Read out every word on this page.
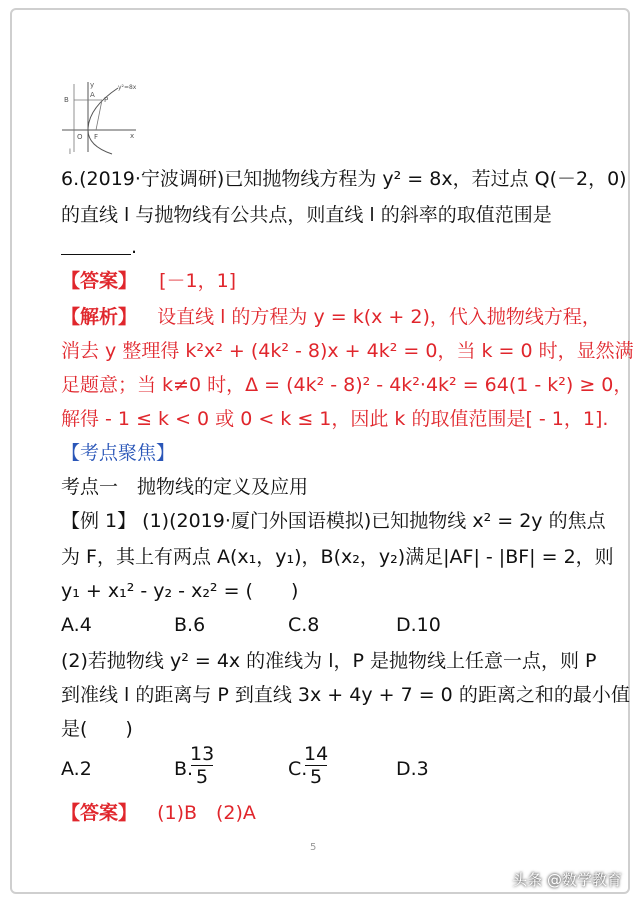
y	y²=8x
B
A
P
O F
l
x
6.(2019·宁波调研)已知抛物线方程为 y² = 8x，若过点 Q(－2，0)
的直线 l 与抛物线有公共点，则直线 l 的斜率的取值范围是
.
【答案】 [－1，1]
【解析】 设直线 l 的方程为 y = k(x + 2)，代入抛物线方程，
消去 y 整理得 k²x² + (4k² - 8)x + 4k² = 0，当 k = 0 时，显然满
足题意；当 k≠0 时，Δ = (4k² - 8)² - 4k²·4k² = 64(1 - k²) ≥ 0，
解得 - 1 ≤ k < 0 或 0 < k ≤ 1，因此 k 的取值范围是[ - 1，1].
【考点聚焦】
考点一　抛物线的定义及应用
【例 1】 (1)(2019·厦门外国语模拟)已知抛物线 x² = 2y 的焦点
为 F，其上有两点 A(x₁，y₁)，B(x₂，y₂)满足|AF| - |BF| = 2，则
y₁ + x₁² - y₂ - x₂² = (　　)
A.4	B.6	C.8	D.10
(2)若抛物线 y² = 4x 的准线为 l，P 是抛物线上任意一点，则 P
到准线 l 的距离与 P 到直线 3x + 4y + 7 = 0 的距离之和的最小值
是(　　)
A.2	B.
13
5	C.
14
5	D.3
【答案】 (1)B　(2)A
5
头条 @数学教育
